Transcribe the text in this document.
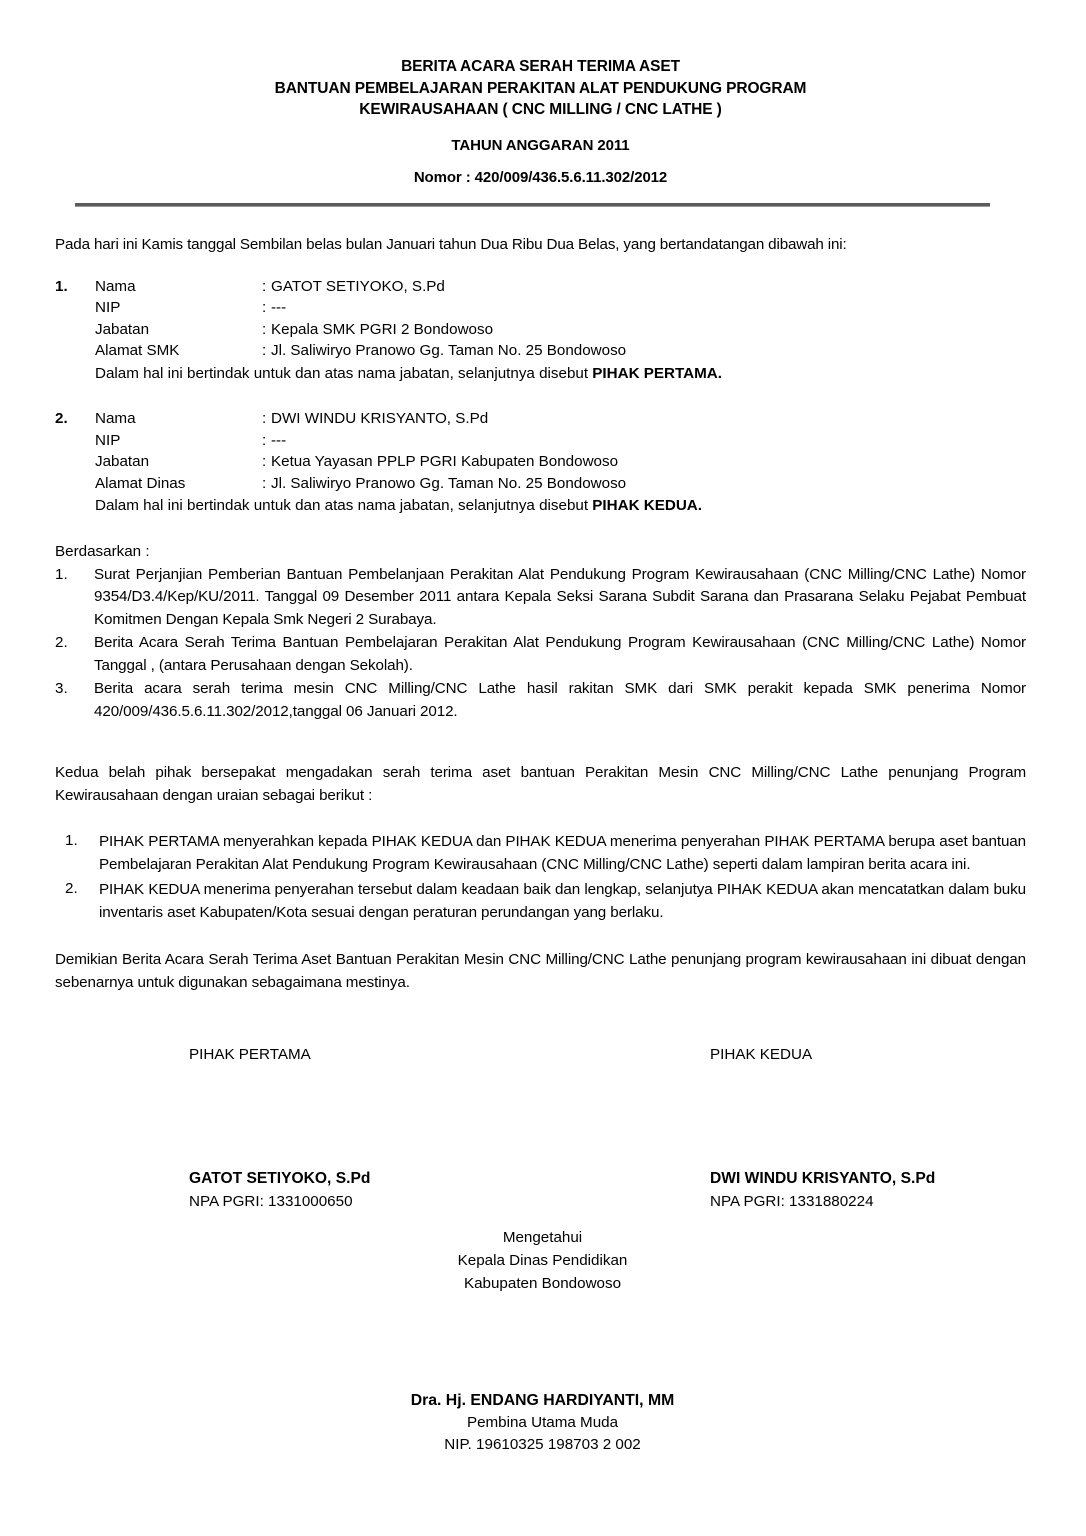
BERITA ACARA SERAH TERIMA ASET
BANTUAN PEMBELAJARAN PERAKITAN ALAT PENDUKUNG PROGRAM
KEWIRAUSAHAAN ( CNC MILLING / CNC LATHE )
TAHUN ANGGARAN 2011
Nomor : 420/009/436.5.6.11.302/2012
Pada hari ini Kamis tanggal Sembilan belas bulan Januari tahun Dua Ribu Dua Belas, yang bertandatangan dibawah ini:
1.	Nama	: GATOT SETIYOKO, S.Pd
NIP	: ---
Jabatan	: Kepala SMK PGRI 2 Bondowoso
Alamat SMK	: Jl. Saliwiryo Pranowo Gg. Taman No. 25 Bondowoso
Dalam hal ini bertindak untuk dan atas nama jabatan, selanjutnya disebut PIHAK PERTAMA.
2.	Nama	: DWI WINDU KRISYANTO, S.Pd
NIP	: ---
Jabatan	: Ketua Yayasan PPLP PGRI Kabupaten Bondowoso
Alamat Dinas	: Jl. Saliwiryo Pranowo Gg. Taman No. 25 Bondowoso
Dalam hal ini bertindak untuk dan atas nama jabatan, selanjutnya disebut PIHAK KEDUA.
Berdasarkan :
1.	Surat Perjanjian Pemberian Bantuan Pembelanjaan Perakitan Alat Pendukung Program Kewirausahaan (CNC Milling/CNC Lathe) Nomor 9354/D3.4/Kep/KU/2011. Tanggal 09 Desember 2011 antara Kepala Seksi Sarana Subdit Sarana dan Prasarana Selaku Pejabat Pembuat Komitmen Dengan Kepala Smk Negeri 2 Surabaya.
2.	Berita Acara Serah Terima Bantuan Pembelajaran Perakitan Alat Pendukung Program Kewirausahaan (CNC Milling/CNC Lathe) Nomor Tanggal , (antara Perusahaan dengan Sekolah).
3.	Berita acara serah terima mesin CNC Milling/CNC Lathe hasil rakitan SMK dari SMK perakit kepada SMK penerima Nomor 420/009/436.5.6.11.302/2012,tanggal 06 Januari 2012.
Kedua belah pihak bersepakat mengadakan serah terima aset bantuan Perakitan Mesin CNC Milling/CNC Lathe penunjang Program Kewirausahaan dengan uraian sebagai berikut :
1.	PIHAK PERTAMA menyerahkan kepada PIHAK KEDUA dan PIHAK KEDUA menerima penyerahan PIHAK PERTAMA berupa aset bantuan Pembelajaran Perakitan Alat Pendukung Program Kewirausahaan (CNC Milling/CNC Lathe) seperti dalam lampiran berita acara ini.
2.	PIHAK KEDUA menerima penyerahan tersebut dalam keadaan baik dan lengkap, selanjutya PIHAK KEDUA akan mencatatkan dalam buku inventaris aset Kabupaten/Kota sesuai dengan peraturan perundangan yang berlaku.
Demikian Berita Acara Serah Terima Aset Bantuan Perakitan Mesin CNC Milling/CNC Lathe penunjang program kewirausahaan ini dibuat dengan sebenarnya untuk digunakan sebagaimana mestinya.
PIHAK PERTAMA
GATOT SETIYOKO, S.Pd
NPA PGRI: 1331000650
PIHAK KEDUA
DWI WINDU KRISYANTO, S.Pd
NPA PGRI: 1331880224
Mengetahui
Kepala Dinas Pendidikan
Kabupaten Bondowoso
Dra. Hj. ENDANG HARDIYANTI, MM
Pembina Utama Muda
NIP. 19610325 198703 2 002
